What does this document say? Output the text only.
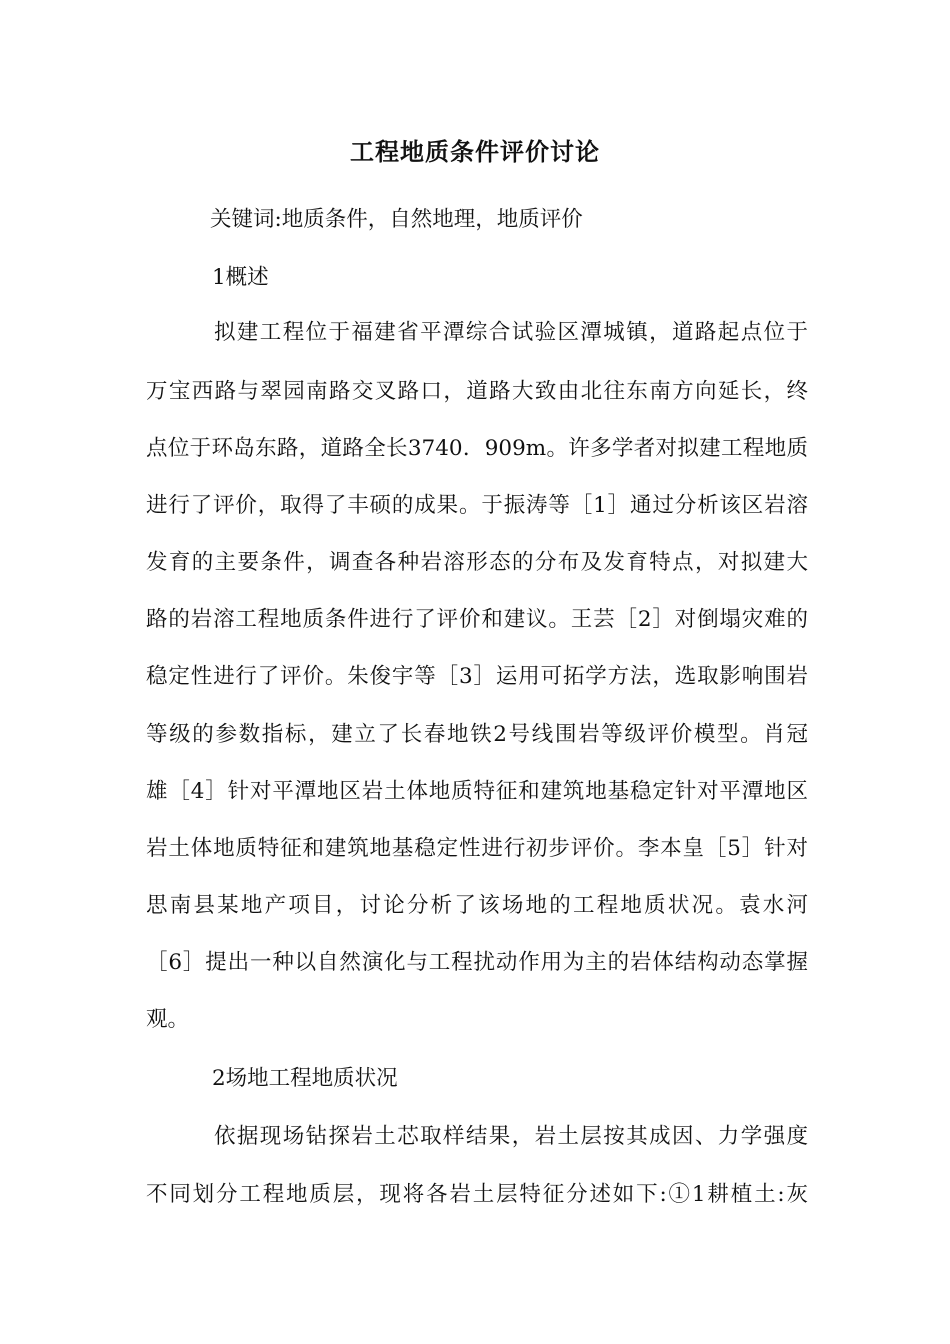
工程地质条件评价讨论
关键词:地质条件，自然地理，地质评价
1概述
拟建工程位于福建省平潭综合试验区潭城镇，道路起点位于
万宝西路与翠园南路交叉路口，道路大致由北往东南方向延长，终
点位于环岛东路，道路全长3740．909m。许多学者对拟建工程地质
进行了评价，取得了丰硕的成果。于振涛等［1］通过分析该区岩溶
发育的主要条件，调查各种岩溶形态的分布及发育特点，对拟建大
路的岩溶工程地质条件进行了评价和建议。王芸［2］对倒塌灾难的
稳定性进行了评价。朱俊宇等［3］运用可拓学方法，选取影响围岩
等级的参数指标，建立了长春地铁2号线围岩等级评价模型。肖冠
雄［4］针对平潭地区岩土体地质特征和建筑地基稳定针对平潭地区
岩土体地质特征和建筑地基稳定性进行初步评价。李本皇［5］针对
思南县某地产项目，讨论分析了该场地的工程地质状况。袁水河
［6］提出一种以自然演化与工程扰动作用为主的岩体结构动态掌握
观。
2场地工程地质状况
依据现场钻探岩土芯取样结果，岩土层按其成因、力学强度
不同划分工程地质层，现将各岩土层特征分述如下:①1耕植土:灰
